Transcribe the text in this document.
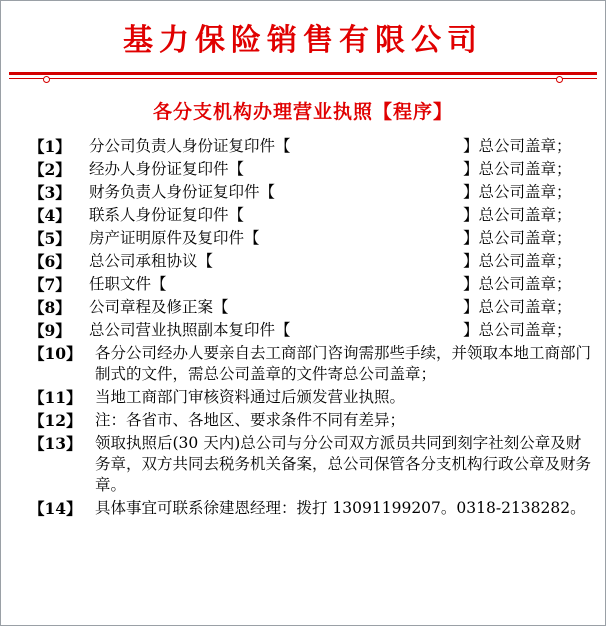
基力保险销售有限公司
各分支机构办理营业执照【程序】
【1】	分公司负责人身份证复印件【	】总公司盖章；
【2】	经办人身份证复印件【	】总公司盖章；
【3】	财务负责人身份证复印件【	】总公司盖章；
【4】	联系人身份证复印件【	】总公司盖章；
【5】	房产证明原件及复印件【	】总公司盖章；
【6】	总公司承租协议【	】总公司盖章；
【7】	任职文件【	】总公司盖章；
【8】	公司章程及修正案【	】总公司盖章；
【9】	总公司营业执照副本复印件【	】总公司盖章；
【10】 各分公司经办人要亲自去工商部门咨询需那些手续，并领取本地工商部门制式的文件，需总公司盖章的文件寄总公司盖章；
【11】 当地工商部门审核资料通过后颁发营业执照。
【12】 注：各省市、各地区、要求条件不同有差异；
【13】 领取执照后(30 天内)总公司与分公司双方派员共同到刻字社刻公章及财务章，双方共同去税务机关备案，总公司保管各分支机构行政公章及财务章。
【14】 具体事宜可联系徐建恩经理：拨打 13091199207。0318-2138282。
